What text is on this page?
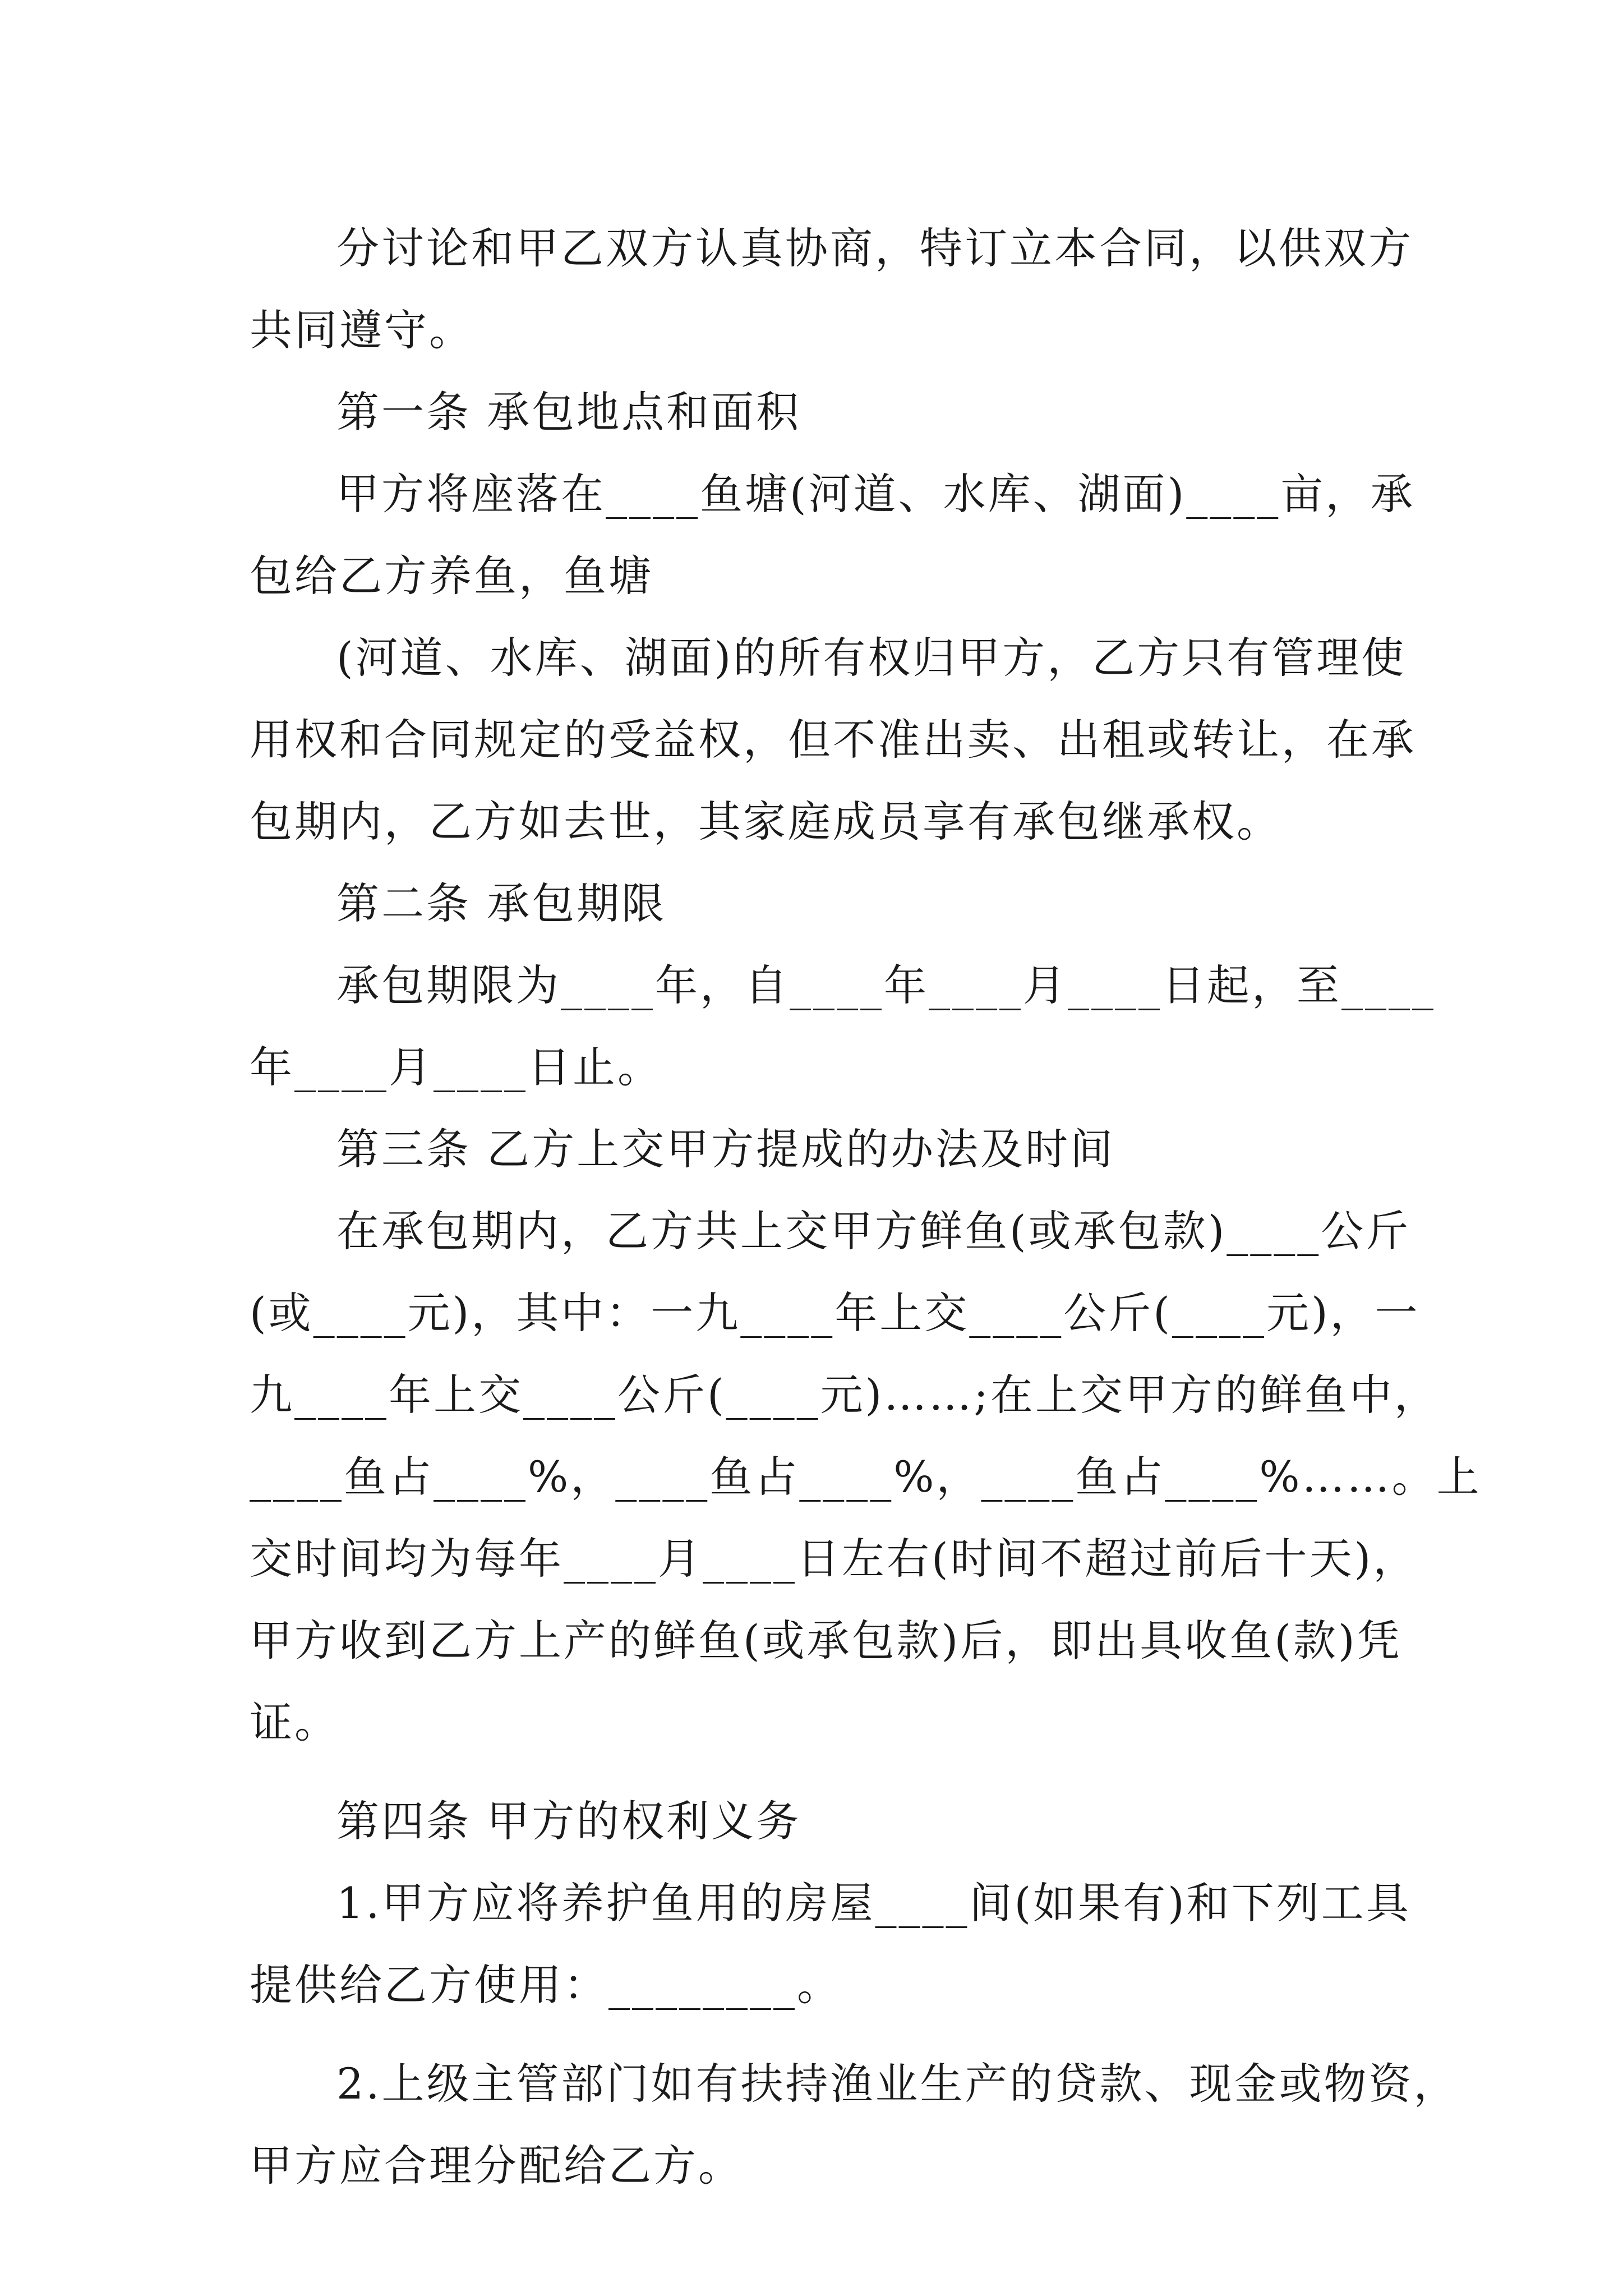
分讨论和甲乙双方认真协商，特订立本合同，以供双方
共同遵守。
第一条 承包地点和面积
甲方将座落在____鱼塘(河道、水库、湖面)____亩，承
包给乙方养鱼，鱼塘
(河道、水库、湖面)的所有权归甲方，乙方只有管理使
用权和合同规定的受益权，但不准出卖、出租或转让，在承
包期内，乙方如去世，其家庭成员享有承包继承权。
第二条 承包期限
承包期限为____年，自____年____月____日起，至____
年____月____日止。
第三条 乙方上交甲方提成的办法及时间
在承包期内，乙方共上交甲方鲜鱼(或承包款)____公斤
(或____元)，其中：一九____年上交____公斤(____元)，一
九____年上交____公斤(____元)……;在上交甲方的鲜鱼中，
____鱼占____%，____鱼占____%，____鱼占____%……。上
交时间均为每年____月____日左右(时间不超过前后十天)，
甲方收到乙方上产的鲜鱼(或承包款)后，即出具收鱼(款)凭
证。
第四条 甲方的权利义务
1.甲方应将养护鱼用的房屋____间(如果有)和下列工具
提供给乙方使用：________。
2.上级主管部门如有扶持渔业生产的贷款、现金或物资，
甲方应合理分配给乙方。
